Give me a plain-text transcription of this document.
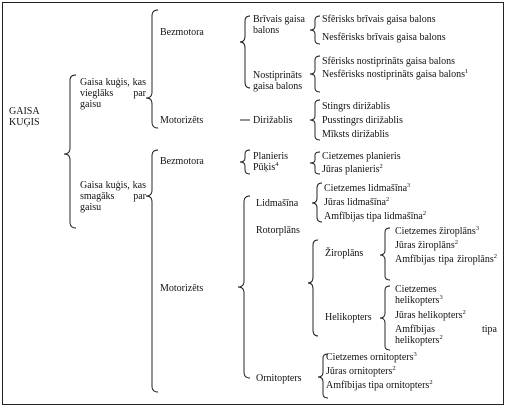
GAISA KUĢIS
Gaisa kuģis, kas vieglāks par gaisu
Gaisa kuģis, kas smagāks par gaisu
Bezmotora
Motorizēts
Bezmotora
Motorizēts
Brīvais gaisa balons
Nostiprināts gaisa balons
Dirižablis
Planieris
Pūķis$^4$
Lidmašīna
Rotorplāns
Ornitopters
Žiroplāns
Helikopters
Sfērisks brīvais gaisa balons
Nesfērisks brīvais gaisa balons
Sfērisks nostiprināts gaisa balons
Nesfērisks nostiprināts gaisa balons$^1$
Stingrs dirižablis
Pusstingrs dirižablis
Mīksts dirižablis
Cietzemes planieris
Jūras planieris$^2$
Cietzemes lidmašīna$^3$
Jūras lidmašīna$^2$
Amfībijas tipa lidmašīna$^2$
Cietzemes žiroplāns$^3$
Jūras žiroplāns$^2$
Amfībijas tipa žiroplāns$^2$
Cietzemes helikopters$^3$
Jūras helikopters$^2$
Amfībijas tipa helikopters$^2$
Cietzemes ornitopters$^3$
Jūras ornitopters$^2$
Amfībijas tipa ornitopters$^2$
